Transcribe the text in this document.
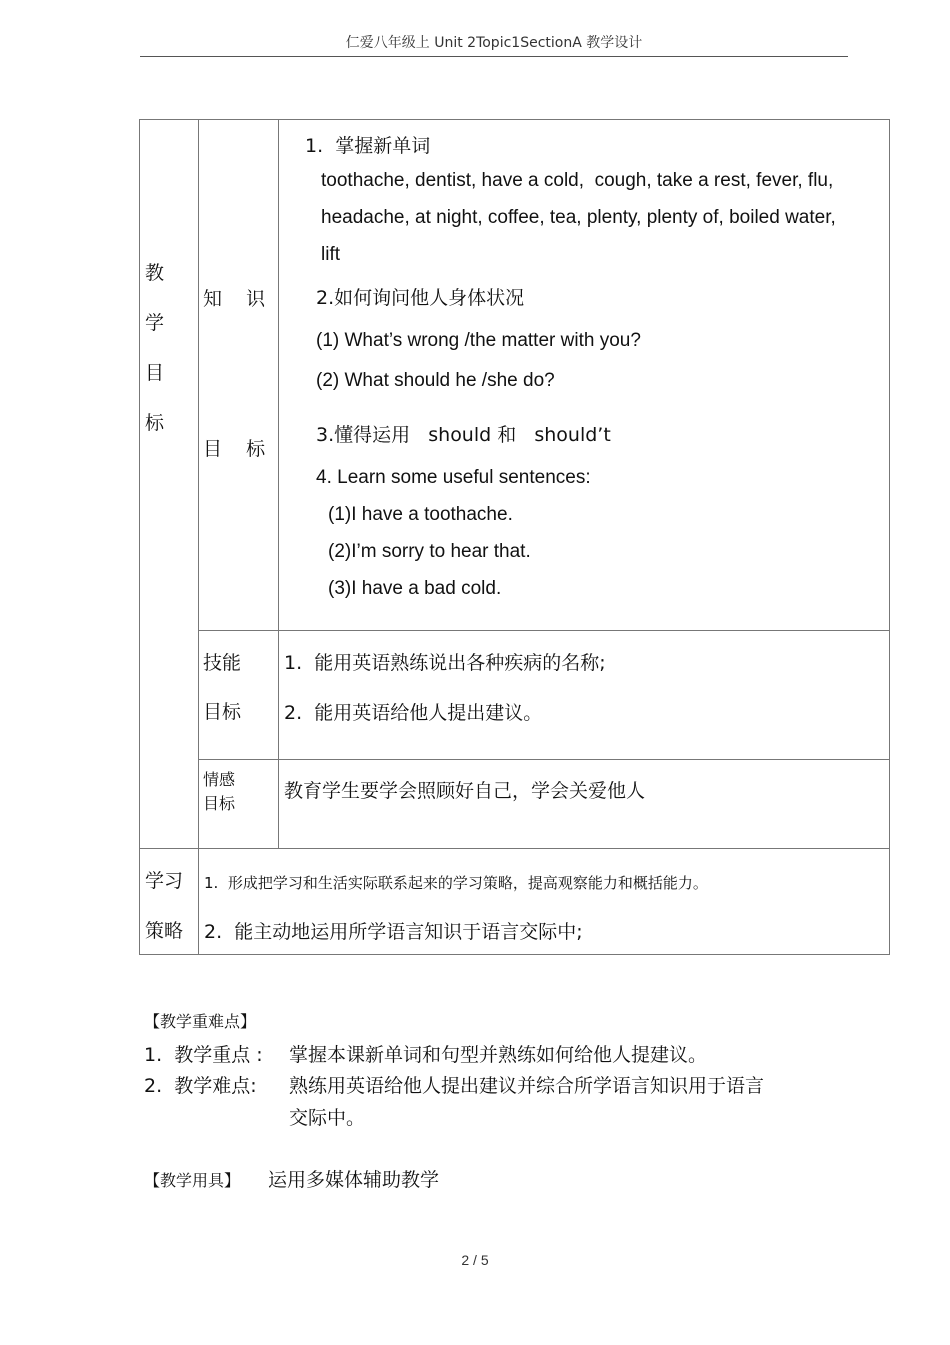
仁爱八年级上 Unit 2Topic1SectionA 教学设计
教
学
目
标
知    识
目    标
1.  掌握新单词
toothache, dentist, have a cold,  cough, take a rest, fever, flu,
headache, at night, coffee, tea, plenty, plenty of, boiled water,
lift
2.如何询问他人身体状况
(1) What’s wrong /the matter with you?
(2) What should he /she do?
3.懂得运用   should 和   should’t
4. Learn some useful sentences:
(1)I have a toothache.
(2)I’m sorry to hear that.
(3)I have a bad cold.
技能
目标
1.  能用英语熟练说出各种疾病的名称;
2.  能用英语给他人提出建议。
情感
目标
教育学生要学会照顾好自己，学会关爱他人
学习
策略
1.  形成把学习和生活实际联系起来的学习策略，提高观察能力和概括能力。
2.  能主动地运用所学语言知识于语言交际中;
【教学重难点】
1.  教学重点 : 掌握本课新单词和句型并熟练如何给他人提建议。
2.  教学难点: 熟练用英语给他人提出建议并综合所学语言知识用于语言
交际中。
【教学用具】 运用多媒体辅助教学
2 / 5
